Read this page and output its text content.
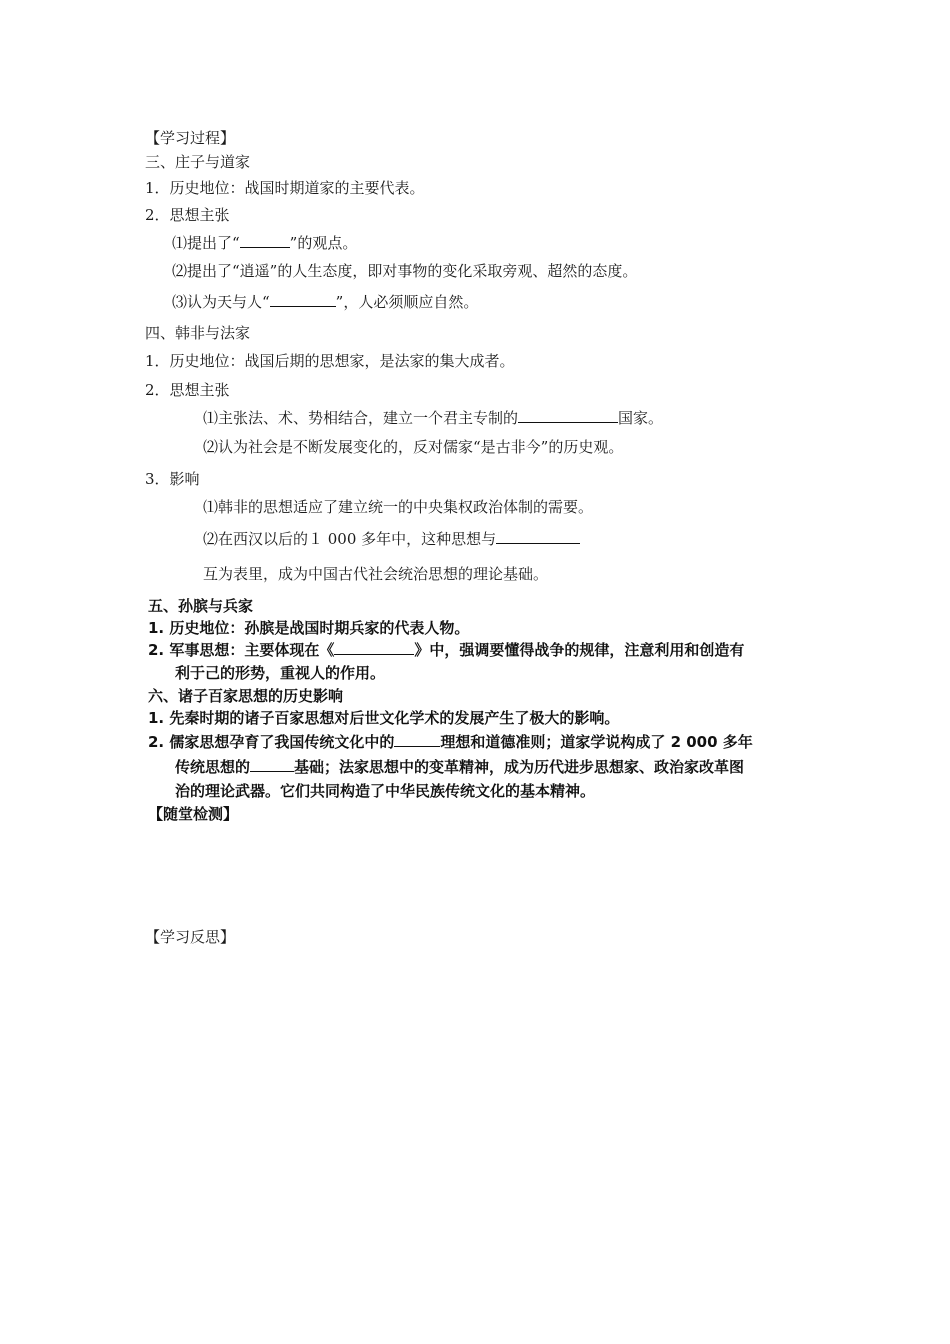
【学习过程】
三、庄子与道家
1．历史地位：战国时期道家的主要代表。
2．思想主张
⑴提出了“	”的观点。
⑵提出了“逍遥”的人生态度，即对事物的变化采取旁观、超然的态度。
⑶认为天与人“	”，人必须顺应自然。
四、韩非与法家
1．历史地位：战国后期的思想家，是法家的集大成者。
2．思想主张
⑴主张法、术、势相结合，建立一个君主专制的	国家。
⑵认为社会是不断发展变化的，反对儒家“是古非今”的历史观。
3．影响
⑴韩非的思想适应了建立统一的中央集权政治体制的需要。
⑵在西汉以后的１ 000 多年中，这种思想与
互为表里，成为中国古代社会统治思想的理论基础。
五、孙膑与兵家
1. 历史地位：孙膑是战国时期兵家的代表人物。
2. 军事思想：主要体现在《	》中，强调要懂得战争的规律，注意利用和创造有
利于己的形势，重视人的作用。
六、诸子百家思想的历史影响
1. 先秦时期的诸子百家思想对后世文化学术的发展产生了极大的影响。
2. 儒家思想孕育了我国传统文化中的	理想和道德准则；道家学说构成了 2 000 多年
传统思想的	基础；法家思想中的变革精神，成为历代进步思想家、政治家改革图
治的理论武器。它们共同构造了中华民族传统文化的基本精神。
【随堂检测】
【学习反思】
